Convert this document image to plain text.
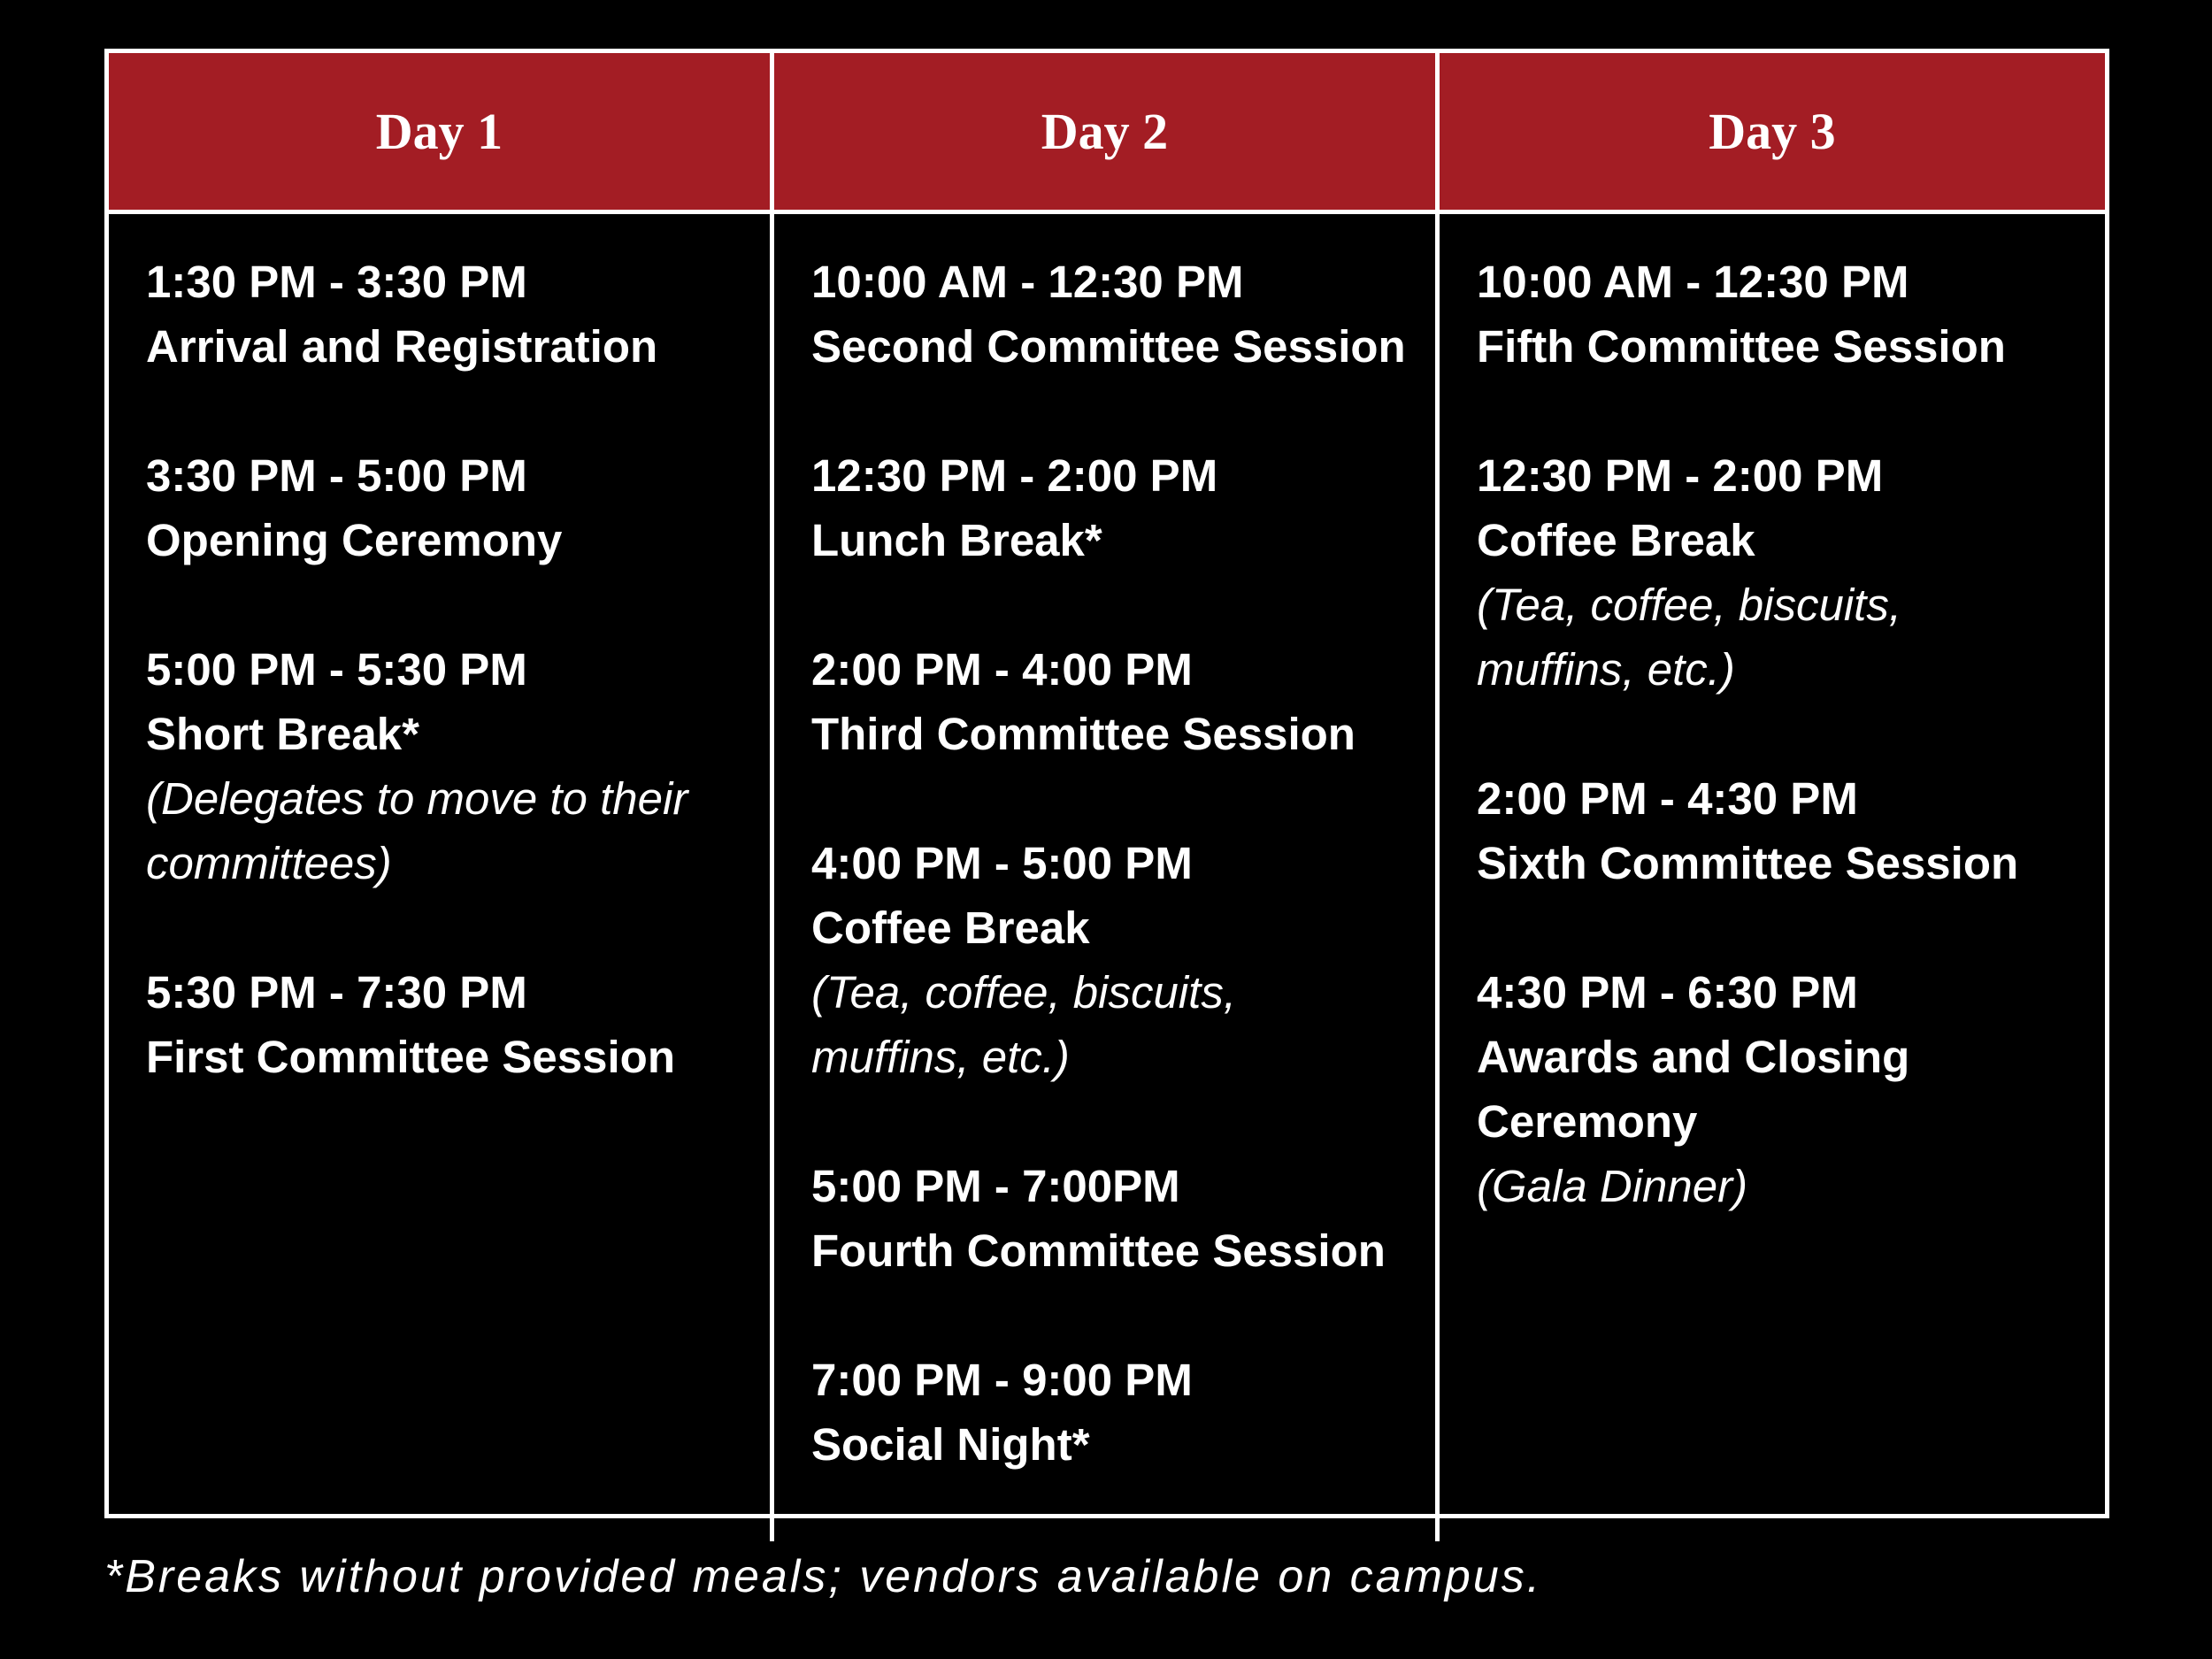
Day 1	Day 2	Day 3
1:30 PM - 3:30 PM
Arrival and Registration
3:30 PM - 5:00 PM
Opening Ceremony
5:00 PM - 5:30 PM
Short Break*
(Delegates to move to their committees)
5:30 PM - 7:30 PM
First Committee Session
10:00 AM - 12:30 PM
Second Committee Session
12:30 PM - 2:00 PM
Lunch Break*
2:00 PM - 4:00 PM
Third Committee Session
4:00 PM - 5:00 PM
Coffee Break
(Tea, coffee, biscuits, muffins, etc.)
5:00 PM - 7:00PM
Fourth Committee Session
7:00 PM - 9:00 PM
Social Night*
10:00 AM - 12:30 PM
Fifth Committee Session
12:30 PM - 2:00 PM
Coffee Break
(Tea, coffee, biscuits, muffins, etc.)
2:00 PM - 4:30 PM
Sixth Committee Session
4:30 PM - 6:30 PM
Awards and Closing Ceremony
(Gala Dinner)
*Breaks without provided meals; vendors available on campus.
